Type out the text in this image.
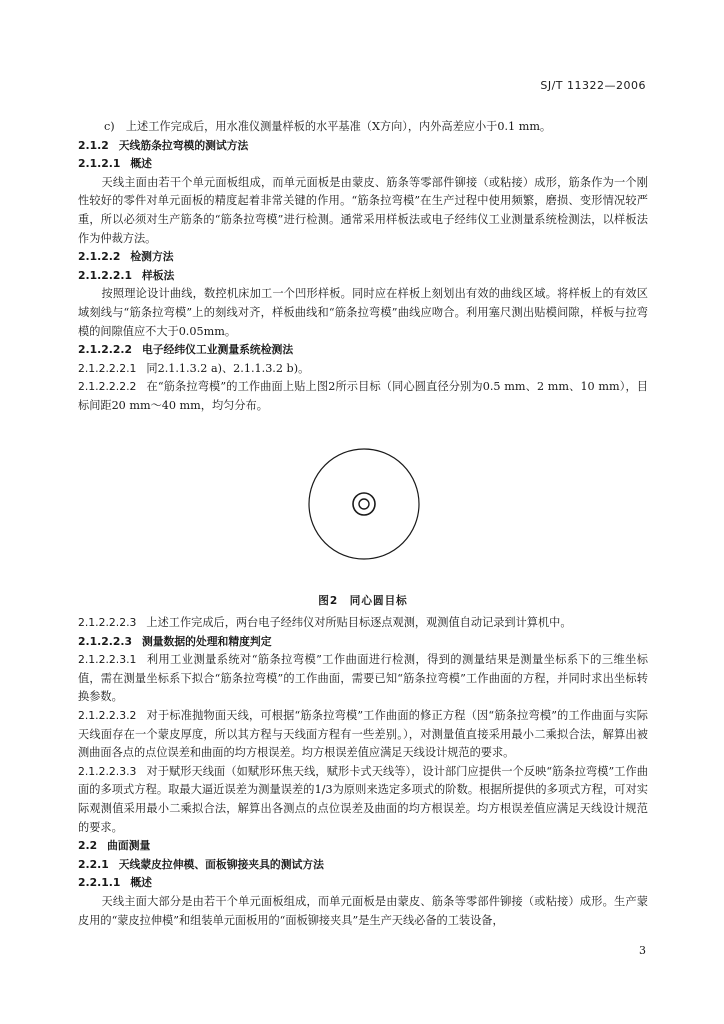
SJ/T 11322—2006

c)　上述工作完成后，用水准仪测量样板的水平基准（X方向），内外高差应小于0.1 mm。

2.1.2 天线筋条拉弯模的测试方法

2.1.2.1 概述

天线主面由若干个单元面板组成，而单元面板是由蒙皮、筋条等零部件铆接（或粘接）成形，筋条作为一个刚性较好的零件对单元面板的精度起着非常关键的作用。“筋条拉弯模”在生产过程中使用频繁，磨损、变形情况较严重，所以必须对生产筋条的“筋条拉弯模”进行检测。通常采用样板法或电子经纬仪工业测量系统检测法，以样板法作为仲裁方法。

2.1.2.2 检测方法

2.1.2.2.1 样板法

按照理论设计曲线，数控机床加工一个凹形样板。同时应在样板上刻划出有效的曲线区域。将样板上的有效区域刻线与“筋条拉弯模”上的刻线对齐，样板曲线和“筋条拉弯模”曲线应吻合。利用塞尺测出贴模间隙，样板与拉弯模的间隙值应不大于0.05mm。

2.1.2.2.2 电子经纬仪工业测量系统检测法

2.1.2.2.2.1 同2.1.1.3.2 a)、2.1.1.3.2 b)。

2.1.2.2.2.2 在“筋条拉弯模”的工作曲面上贴上图2所示目标（同心圆直径分别为0.5 mm、2 mm、10 mm），目标间距20 mm～40 mm，均匀分布。

图2　同心圆目标

2.1.2.2.2.3 上述工作完成后，两台电子经纬仪对所贴目标逐点观测，观测值自动记录到计算机中。

2.1.2.2.3 测量数据的处理和精度判定

2.1.2.2.3.1 利用工业测量系统对“筋条拉弯模”工作曲面进行检测，得到的测量结果是测量坐标系下的三维坐标值，需在测量坐标系下拟合“筋条拉弯模”的工作曲面，需要已知“筋条拉弯模”工作曲面的方程，并同时求出坐标转换参数。

2.1.2.2.3.2 对于标准抛物面天线，可根据“筋条拉弯模”工作曲面的修正方程（因“筋条拉弯模”的工作曲面与实际天线面存在一个蒙皮厚度，所以其方程与天线面方程有一些差别。），对测量值直接采用最小二乘拟合法，解算出被测曲面各点的点位误差和曲面的均方根误差。均方根误差值应满足天线设计规范的要求。

2.1.2.2.3.3 对于赋形天线面（如赋形环焦天线，赋形卡式天线等），设计部门应提供一个反映“筋条拉弯模”工作曲面的多项式方程。取最大逼近误差为测量误差的1/3为原则来选定多项式的阶数。根据所提供的多项式方程，可对实际观测值采用最小二乘拟合法，解算出各测点的点位误差及曲面的均方根误差。均方根误差值应满足天线设计规范的要求。

2.2 曲面测量

2.2.1 天线蒙皮拉伸模、面板铆接夹具的测试方法

2.2.1.1 概述

天线主面大部分是由若干个单元面板组成，而单元面板是由蒙皮、筋条等零部件铆接（或粘接）成形。生产蒙皮用的“蒙皮拉伸模”和组装单元面板用的“面板铆接夹具”是生产天线必备的工装设备，

3
